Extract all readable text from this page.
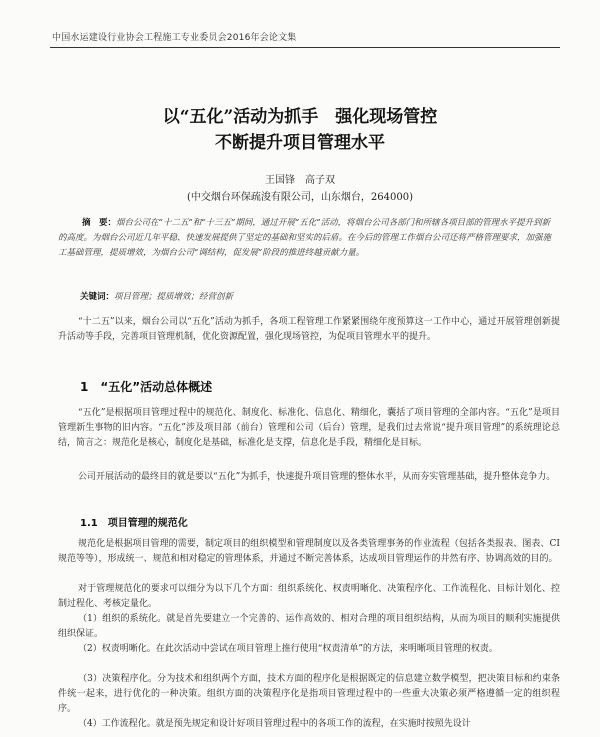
中国水运建设行业协会工程施工专业委员会2016年会论文集
以“五化”活动为抓手　强化现场管控
不断提升项目管理水平
王国锋　高子双
(中交烟台环保疏浚有限公司，山东烟台，264000)
摘　要：烟台公司在“十二五”和“十三五”期间，通过开展“五化”活动，将烟台公司各部门和所辖各项目部的管理水平提升到新的高度。为烟台公司近几年平稳、快速发展提供了坚定的基础和坚实的后盾。在今后的管理工作烟台公司还将严格管理要求，加强施工基础管理，提质增效，为烟台公司“调结构，促发展”阶段的推进终越贡献力量。
关键词：项目管理；提质增效；经营创新
“十二五”以来，烟台公司以“五化”活动为抓手，各项工程管理工作紧紧围绕年度预算这一工作中心，通过开展管理创新提升活动等手段，完善项目管理机制，优化资源配置，强化现场管控，为促项目管理水平的提升。
1　“五化”活动总体概述
“五化”是根据项目管理过程中的规范化、制度化、标准化、信息化、精细化，囊括了项目管理的全部内容。“五化”是项目管理新生事物的旧内容。“五化”涉及项目部（前台）管理和公司（后台）管理，是我们过去常说“提升项目管理”的系统理论总结，简言之：规范化是核心，制度化是基础，标准化是支撑，信息化是手段，精细化是目标。
公司开展活动的最终目的就是要以“五化”为抓手，快速提升项目管理的整体水平，从而夯实管理基础，提升整体竞争力。
1.1　项目管理的规范化
规范化是根据项目管理的需要，制定项目的组织模型和管理制度以及各类管理事务的作业流程（包括各类报表、图表、CI规范等等），形成统一、规范和相对稳定的管理体系，并通过不断完善体系，达成项目管理运作的井然有序、协调高效的目的。
对于管理规范化的要求可以细分为以下几个方面：组织系统化、权责明晰化、决策程序化、工作流程化、目标计划化、控制过程化、考核定量化。
（1）组织的系统化。就是首先要建立一个完善的、运作高效的、相对合理的项目组织结构，从而为项目的顺利实施提供组织保证。
（2）权责明晰化。在此次活动中尝试在项目管理上推行使用“权责清单”的方法，来明晰项目管理的权责。
（3）决策程序化。分为技术和组织两个方面，技术方面的程序化是根据既定的信息建立数学模型，把决策目标和约束条件统一起来，进行优化的一种决策。组织方面的决策程序化是指项目管理过程中的一些重大决策必须严格遵循一定的组织程序。
（4）工作流程化。就是预先规定和设计好项目管理过程中的各项工作的流程，在实施时按照先设计
